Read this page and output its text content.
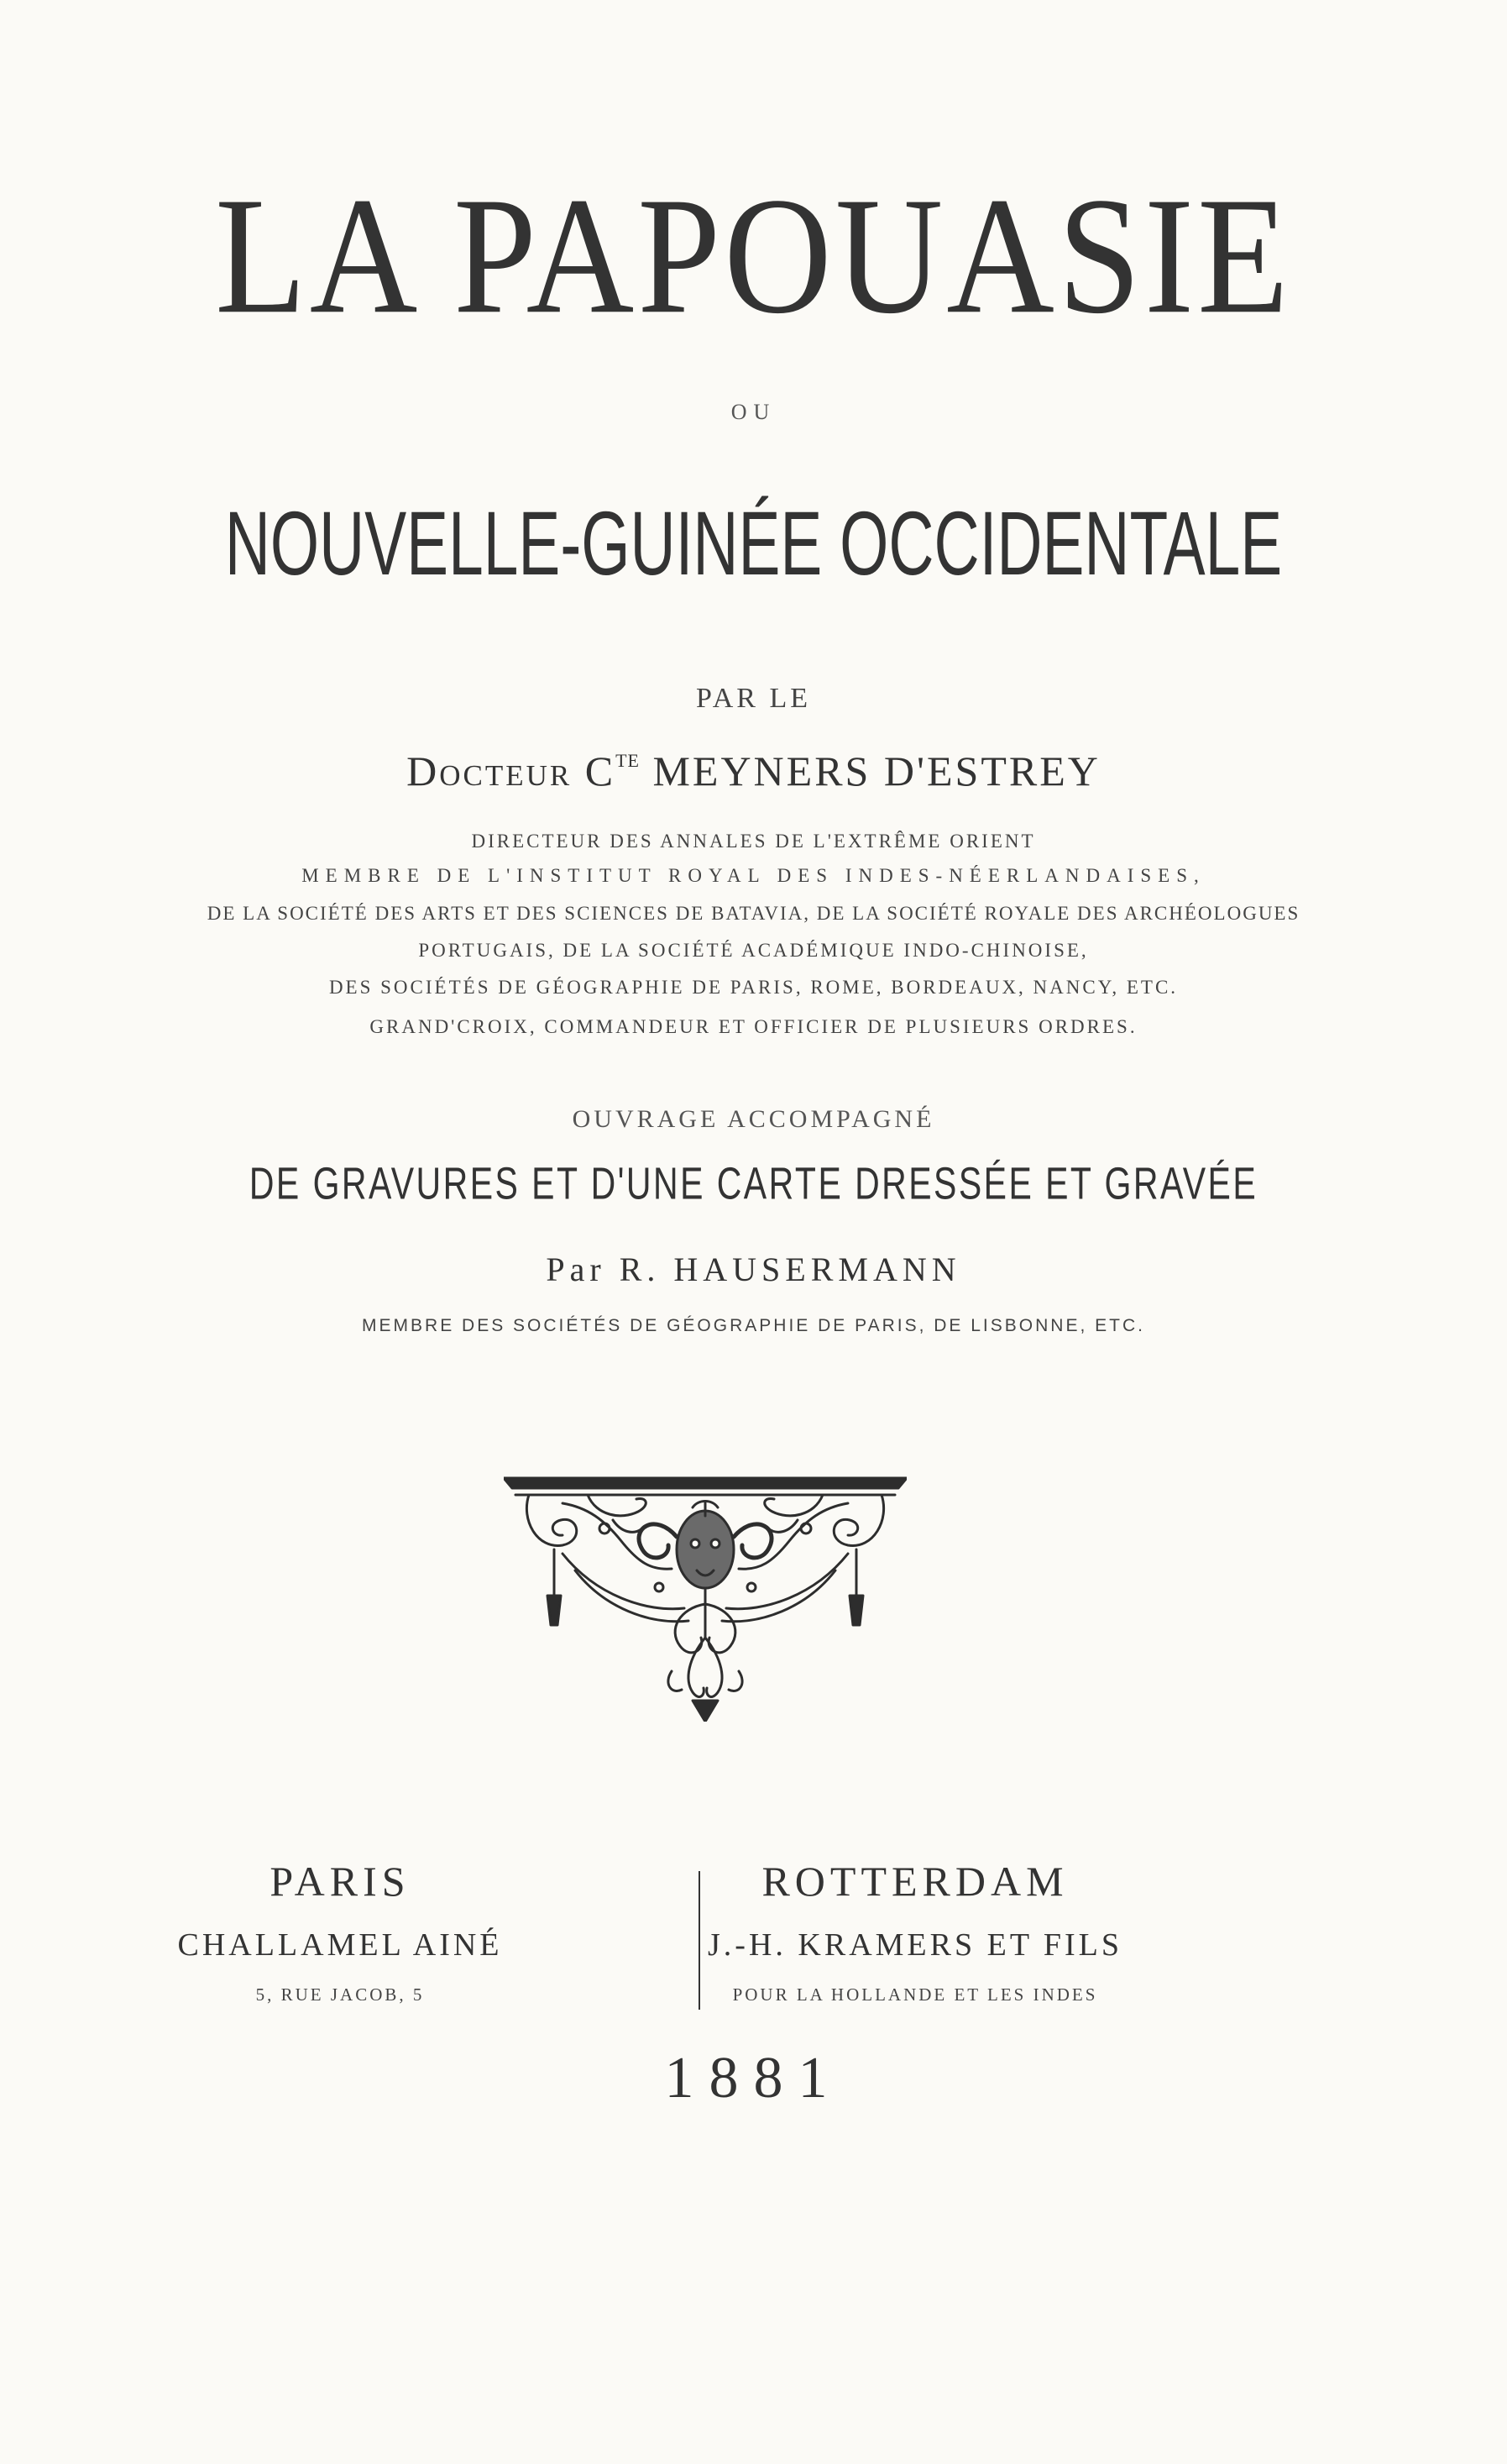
LA PAPOUASIE
OU
NOUVELLE-GUINÉE OCCIDENTALE
PAR LE
Docteur $C^{TE}$ MEYNERS D'ESTREY
DIRECTEUR DES ANNALES DE L'EXTRÊME ORIENT
MEMBRE DE L'INSTITUT ROYAL DES INDES-NÉERLANDAISES,
DE LA SOCIÉTÉ DES ARTS ET DES SCIENCES DE BATAVIA, DE LA SOCIÉTÉ ROYALE DES ARCHÉOLOGUES
PORTUGAIS, DE LA SOCIÉTÉ ACADÉMIQUE INDO-CHINOISE,
DES SOCIÉTÉS DE GÉOGRAPHIE DE PARIS, ROME, BORDEAUX, NANCY, ETC.
GRAND'CROIX, COMMANDEUR ET OFFICIER DE PLUSIEURS ORDRES.
OUVRAGE ACCOMPAGNÉ
DE GRAVURES ET D'UNE CARTE DRESSÉE ET GRAVÉE
Par R. HAUSERMANN
MEMBRE DES SOCIÉTÉS DE GÉOGRAPHIE DE PARIS, DE LISBONNE, ETC.
PARIS
CHALLAMEL AINÉ
5, RUE JACOB, 5
ROTTERDAM
J.-H. KRAMERS ET FILS
POUR LA HOLLANDE ET LES INDES
1881
